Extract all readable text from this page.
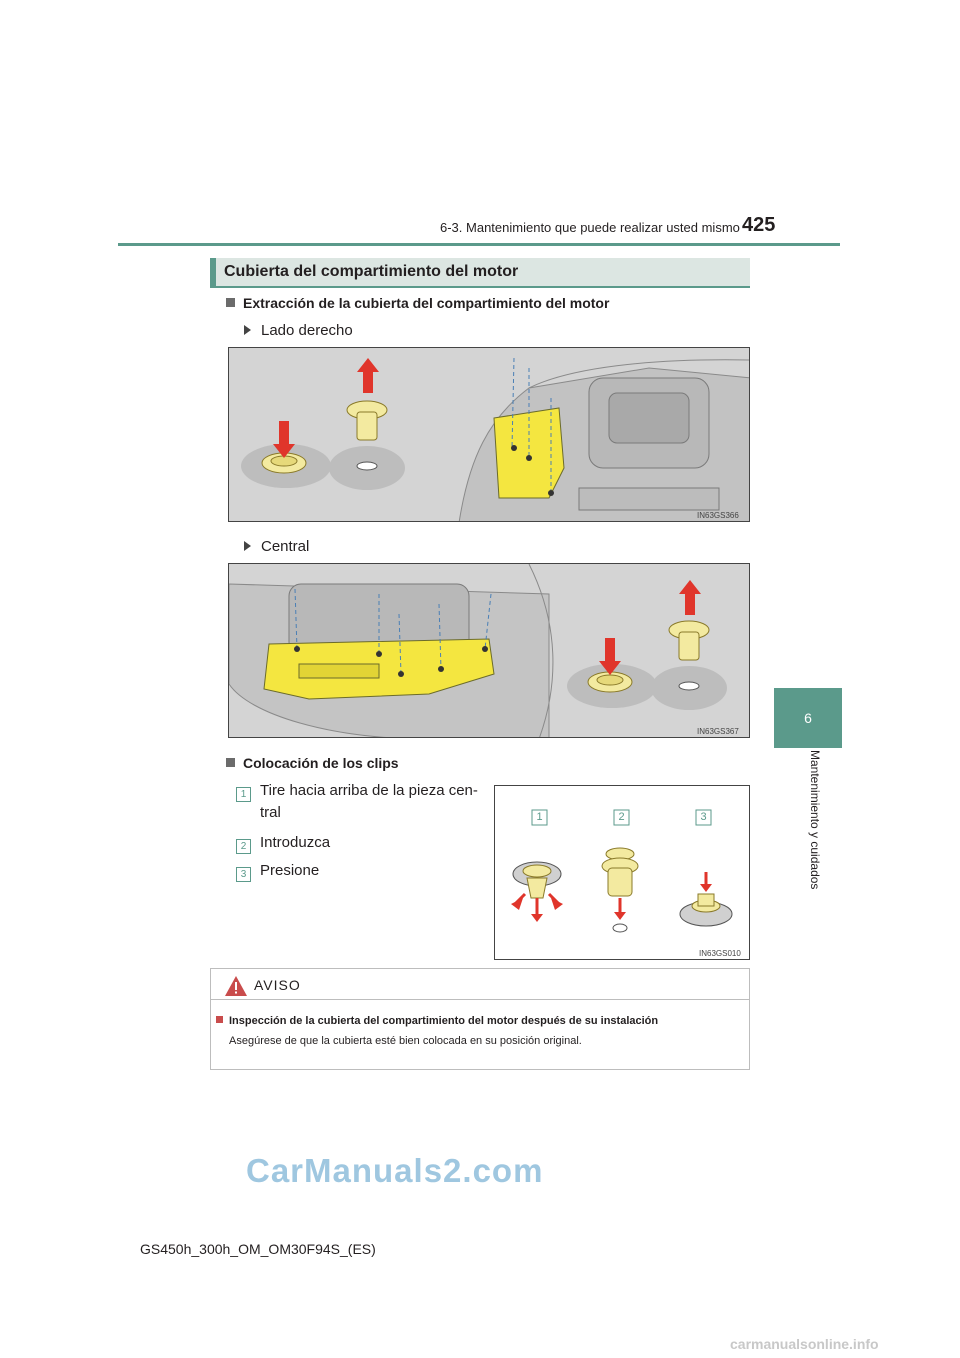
6-3. Mantenimiento que puede realizar usted mismo 425
6
Mantenimiento y cuidados
Cubierta del compartimiento del motor
Extracción de la cubierta del compartimiento del motor
Lado derecho
IN63GS366
Central
IN63GS367
Colocación de los clips
1 Tire hacia arriba de la pieza cen-
tral
2 Introduzca
3 Presione
1	2	3
IN63GS010
AVISO
Inspección de la cubierta del compartimiento del motor después de su instalación
Asegúrese de que la cubierta esté bien colocada en su posición original.
CarManuals2.com
GS450h_300h_OM_OM30F94S_(ES)
carmanualsonline.info
